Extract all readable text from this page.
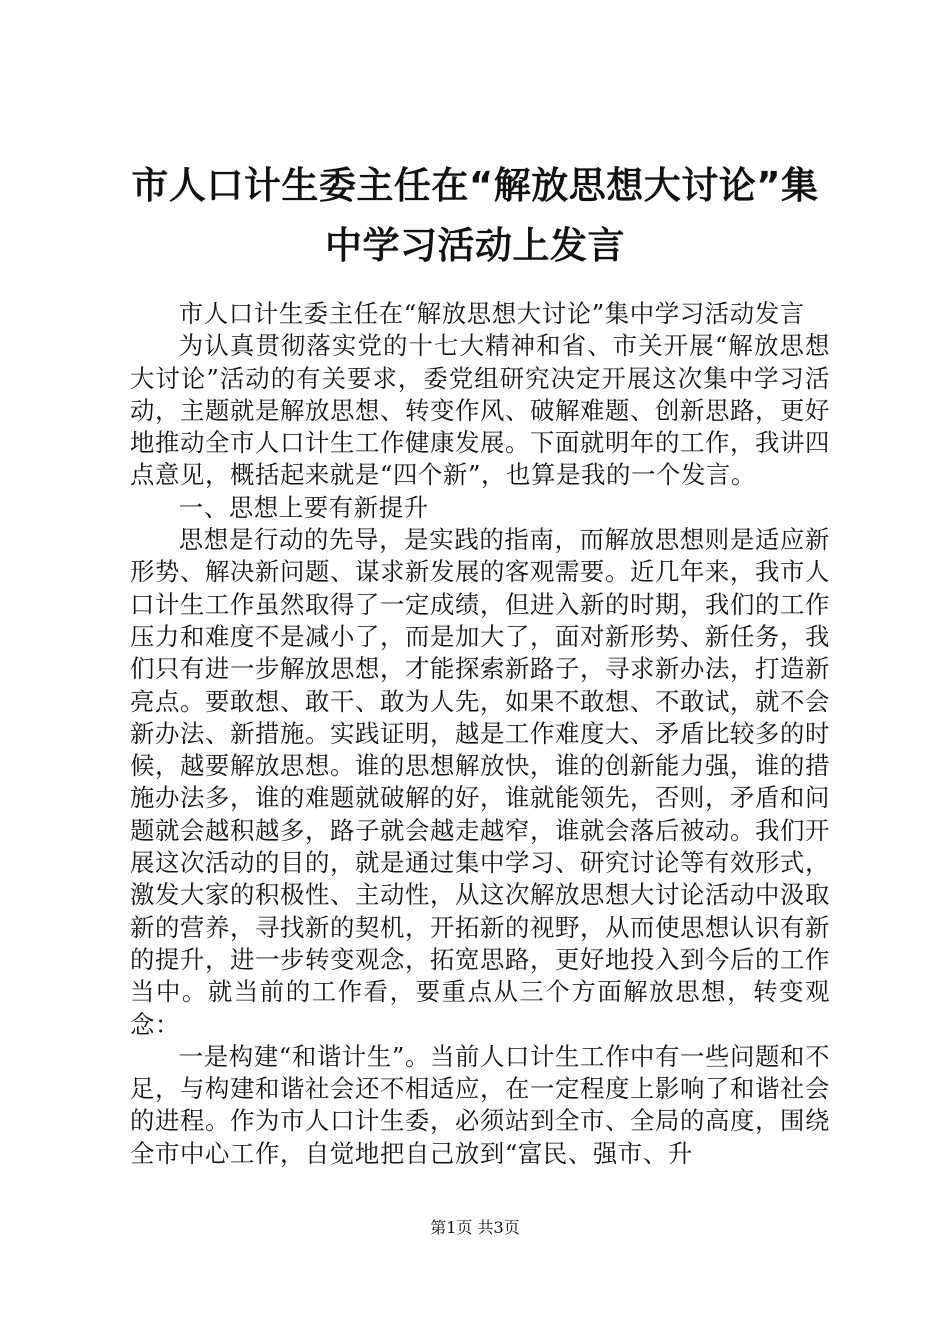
市人口计生委主任在“解放思想大讨论”集中学习活动上发言

市人口计生委主任在“解放思想大讨论”集中学习活动发言

为认真贯彻落实党的十七大精神和省、市关开展“解放思想大讨论”活动的有关要求，委党组研究决定开展这次集中学习活动，主题就是解放思想、转变作风、破解难题、创新思路，更好地推动全市人口计生工作健康发展。下面就明年的工作，我讲四点意见，概括起来就是“四个新”，也算是我的一个发言。

一、思想上要有新提升

思想是行动的先导，是实践的指南，而解放思想则是适应新形势、解决新问题、谋求新发展的客观需要。近几年来，我市人口计生工作虽然取得了一定成绩，但进入新的时期，我们的工作压力和难度不是减小了，而是加大了，面对新形势、新任务，我们只有进一步解放思想，才能探索新路子，寻求新办法，打造新亮点。要敢想、敢干、敢为人先，如果不敢想、不敢试，就不会新办法、新措施。实践证明，越是工作难度大、矛盾比较多的时候，越要解放思想。谁的思想解放快，谁的创新能力强，谁的措施办法多，谁的难题就破解的好，谁就能领先，否则，矛盾和问题就会越积越多，路子就会越走越窄，谁就会落后被动。我们开展这次活动的目的，就是通过集中学习、研究讨论等有效形式，激发大家的积极性、主动性，从这次解放思想大讨论活动中汲取新的营养，寻找新的契机，开拓新的视野，从而使思想认识有新的提升，进一步转变观念，拓宽思路，更好地投入到今后的工作当中。就当前的工作看，要重点从三个方面解放思想，转变观念：

一是构建“和谐计生”。当前人口计生工作中有一些问题和不足，与构建和谐社会还不相适应，在一定程度上影响了和谐社会的进程。作为市人口计生委，必须站到全市、全局的高度，围绕全市中心工作，自觉地把自己放到“富民、强市、升

第1页 共3页
